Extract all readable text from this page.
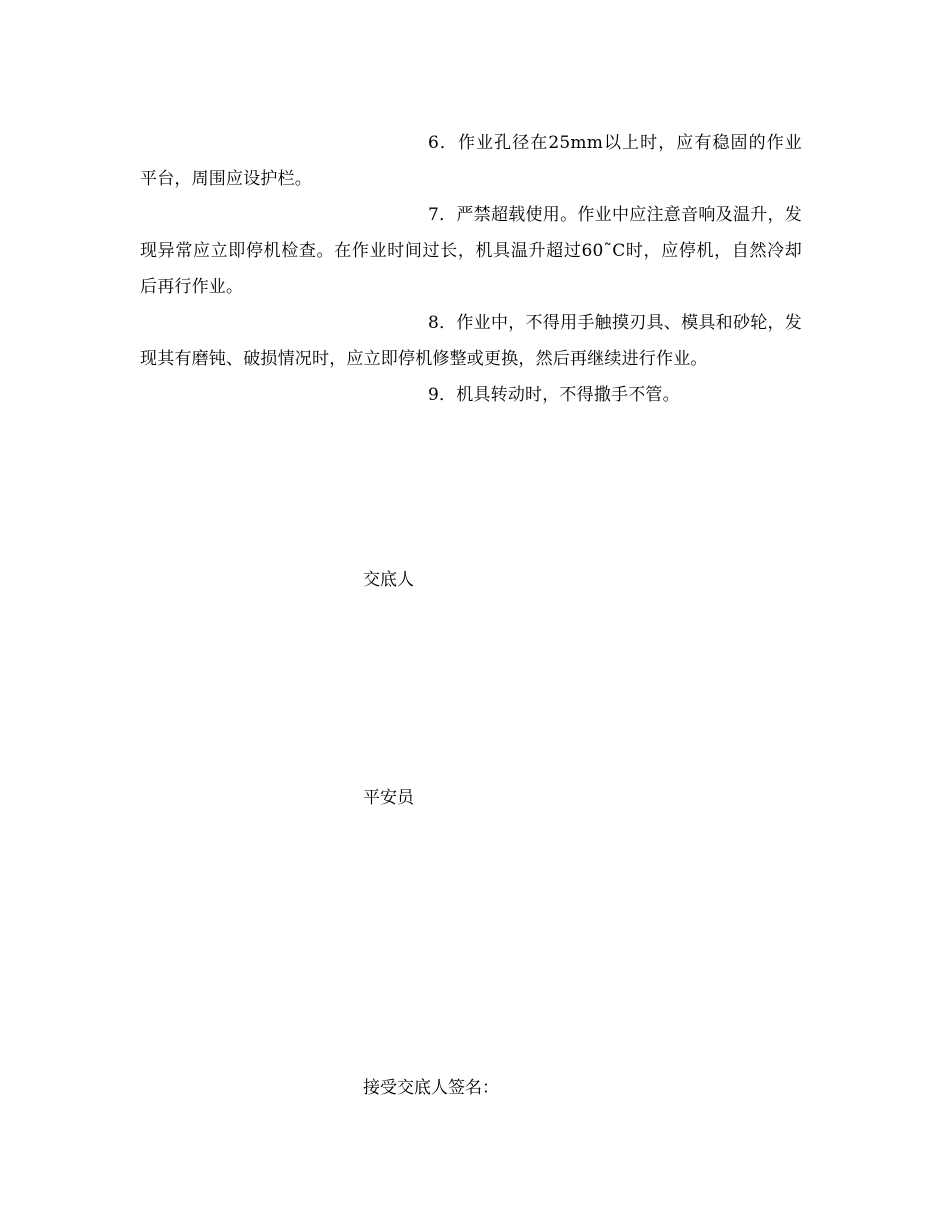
6．作业孔径在25mm以上时，应有稳固的作业平台，周围应设护栏。

7．严禁超载使用。作业中应注意音响及温升，发现异常应立即停机检查。在作业时间过长，机具温升超过60˜C时，应停机，自然冷却后再行作业。

8．作业中，不得用手触摸刃具、模具和砂轮，发现其有磨钝、破损情况时，应立即停机修整或更换，然后再继续进行作业。

9．机具转动时，不得撒手不管。

交底人

平安员

接受交底人签名：
